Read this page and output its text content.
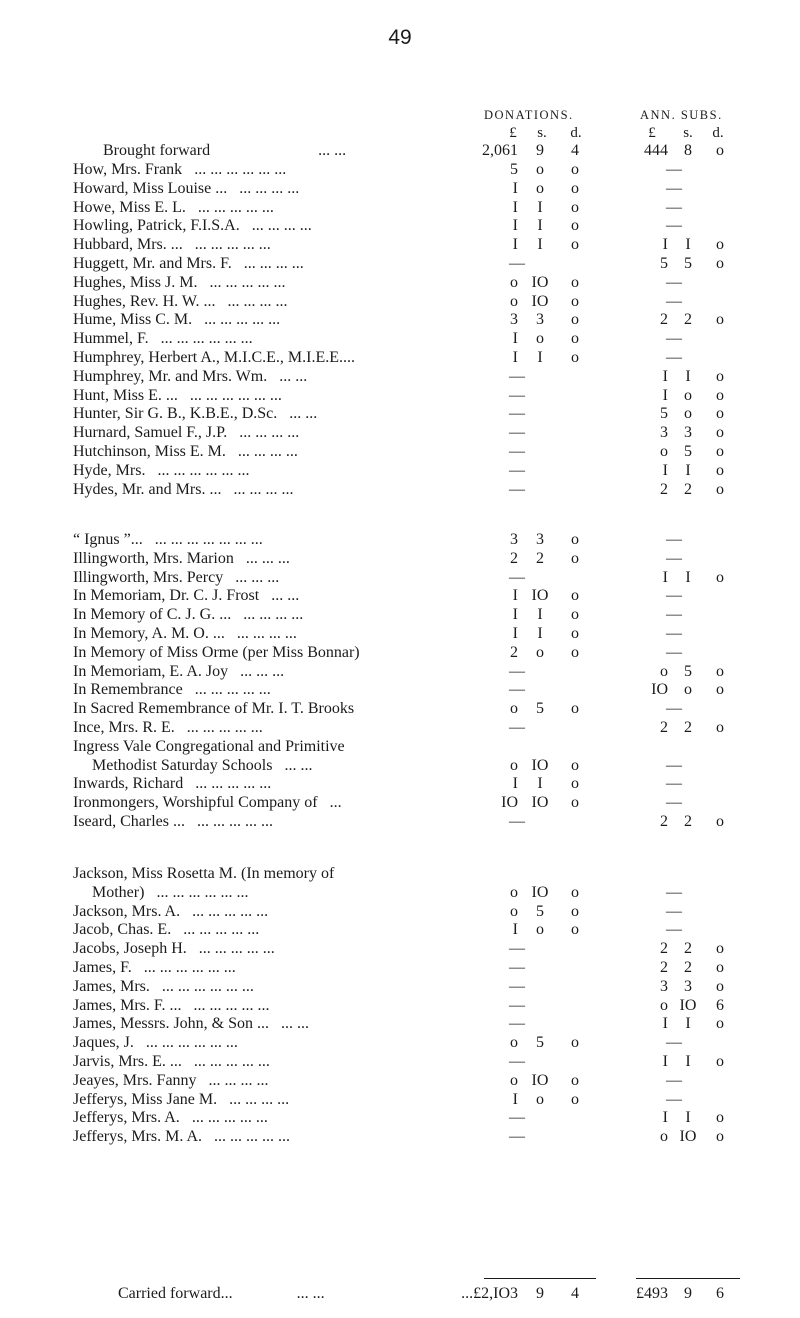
49
DONATIONS.	ANN. SUBS.
£	s.	d.	£	s.	d.
Brought forward	... ...	2,061	9	4	444	8	o
How, Mrs. Frank ... ... ... ... ... ...	5	o	o	—
Howard, Miss Louise ... ... ... ... ...	I	o	o	—
Howe, Miss E. L. ... ... ... ... ...	I	I	o	—
Howling, Patrick, F.I.S.A. ... ... ... ...	I	I	o	—
Hubbard, Mrs. ... ... ... ... ... ...	I	I	o	I	I	o
Huggett, Mr. and Mrs. F. ... ... ... ...	—	5	5	o
Hughes, Miss J. M. ... ... ... ... ...	o IO	o	—
Hughes, Rev. H. W. ... ... ... ... ...	o IO	o	—
Hume, Miss C. M. ... ... ... ... ...	3	3	o	2	2	o
Hummel, F. ... ... ... ... ... ...	I	o	o	—
Humphrey, Herbert A., M.I.C.E., M.I.E.E....	I	I	o	—
Humphrey, Mr. and Mrs. Wm. ... ...	—	I	I	o
Hunt, Miss E. ... ... ... ... ... ... ...	—	I	o	o
Hunter, Sir G. B., K.B.E., D.Sc. ... ...	—	5	o	o
Hurnard, Samuel F., J.P. ... ... ... ...	—	3	3	o
Hutchinson, Miss E. M. ... ... ... ...	—	o	5	o
Hyde, Mrs. ... ... ... ... ... ...	—	I	I	o
Hydes, Mr. and Mrs. ... ... ... ... ...	—	2	2	o
“ Ignus ”... ... ... ... ... ... ... ...	3	3	o	—
Illingworth, Mrs. Marion ... ... ...	2	2	o	—
Illingworth, Mrs. Percy ... ... ...	—	I	I	o
In Memoriam, Dr. C. J. Frost ... ...	I IO	o	—
In Memory of C. J. G. ... ... ... ... ...	I	I	o	—
In Memory, A. M. O. ... ... ... ... ...	I	I	o	—
In Memory of Miss Orme (per Miss Bonnar)	2	o	o	—
In Memoriam, E. A. Joy ... ... ...	—	o	5	o
In Remembrance ... ... ... ... ...	—	IO	o	o
In Sacred Remembrance of Mr. I. T. Brooks	o	5	o	—
Ince, Mrs. R. E. ... ... ... ... ...	—	2	2	o
Ingress Vale Congregational and Primitive
Methodist Saturday Schools ... ...	o IO	o	—
Inwards, Richard ... ... ... ... ...	I	I	o	—
Ironmongers, Worshipful Company of ...	IO IO	o	—
Iseard, Charles ... ... ... ... ... ...	—	2	2	o
Jackson, Miss Rosetta M. (In memory of
Mother) ... ... ... ... ... ...	o IO	o	—
Jackson, Mrs. A. ... ... ... ... ...	o	5	o	—
Jacob, Chas. E. ... ... ... ... ...	I	o	o	—
Jacobs, Joseph H. ... ... ... ... ...	—	2	2	o
James, F. ... ... ... ... ... ...	—	2	2	o
James, Mrs. ... ... ... ... ... ...	—	3	3	o
James, Mrs. F. ... ... ... ... ... ...	—	o IO	6
James, Messrs. John, & Son ... ... ...	—	I	I	o
Jaques, J. ... ... ... ... ... ...	o	5	o	—
Jarvis, Mrs. E. ... ... ... ... ... ...	—	I	I	o
Jeayes, Mrs. Fanny ... ... ... ...	o IO	o	—
Jefferys, Miss Jane M. ... ... ... ...	I	o	o	—
Jefferys, Mrs. A. ... ... ... ... ...	—	I	I	o
Jefferys, Mrs. M. A. ... ... ... ... ...	—	o IO	o
Carried forward...	... ...	...£2,IO3	9	4	£493	9	6
